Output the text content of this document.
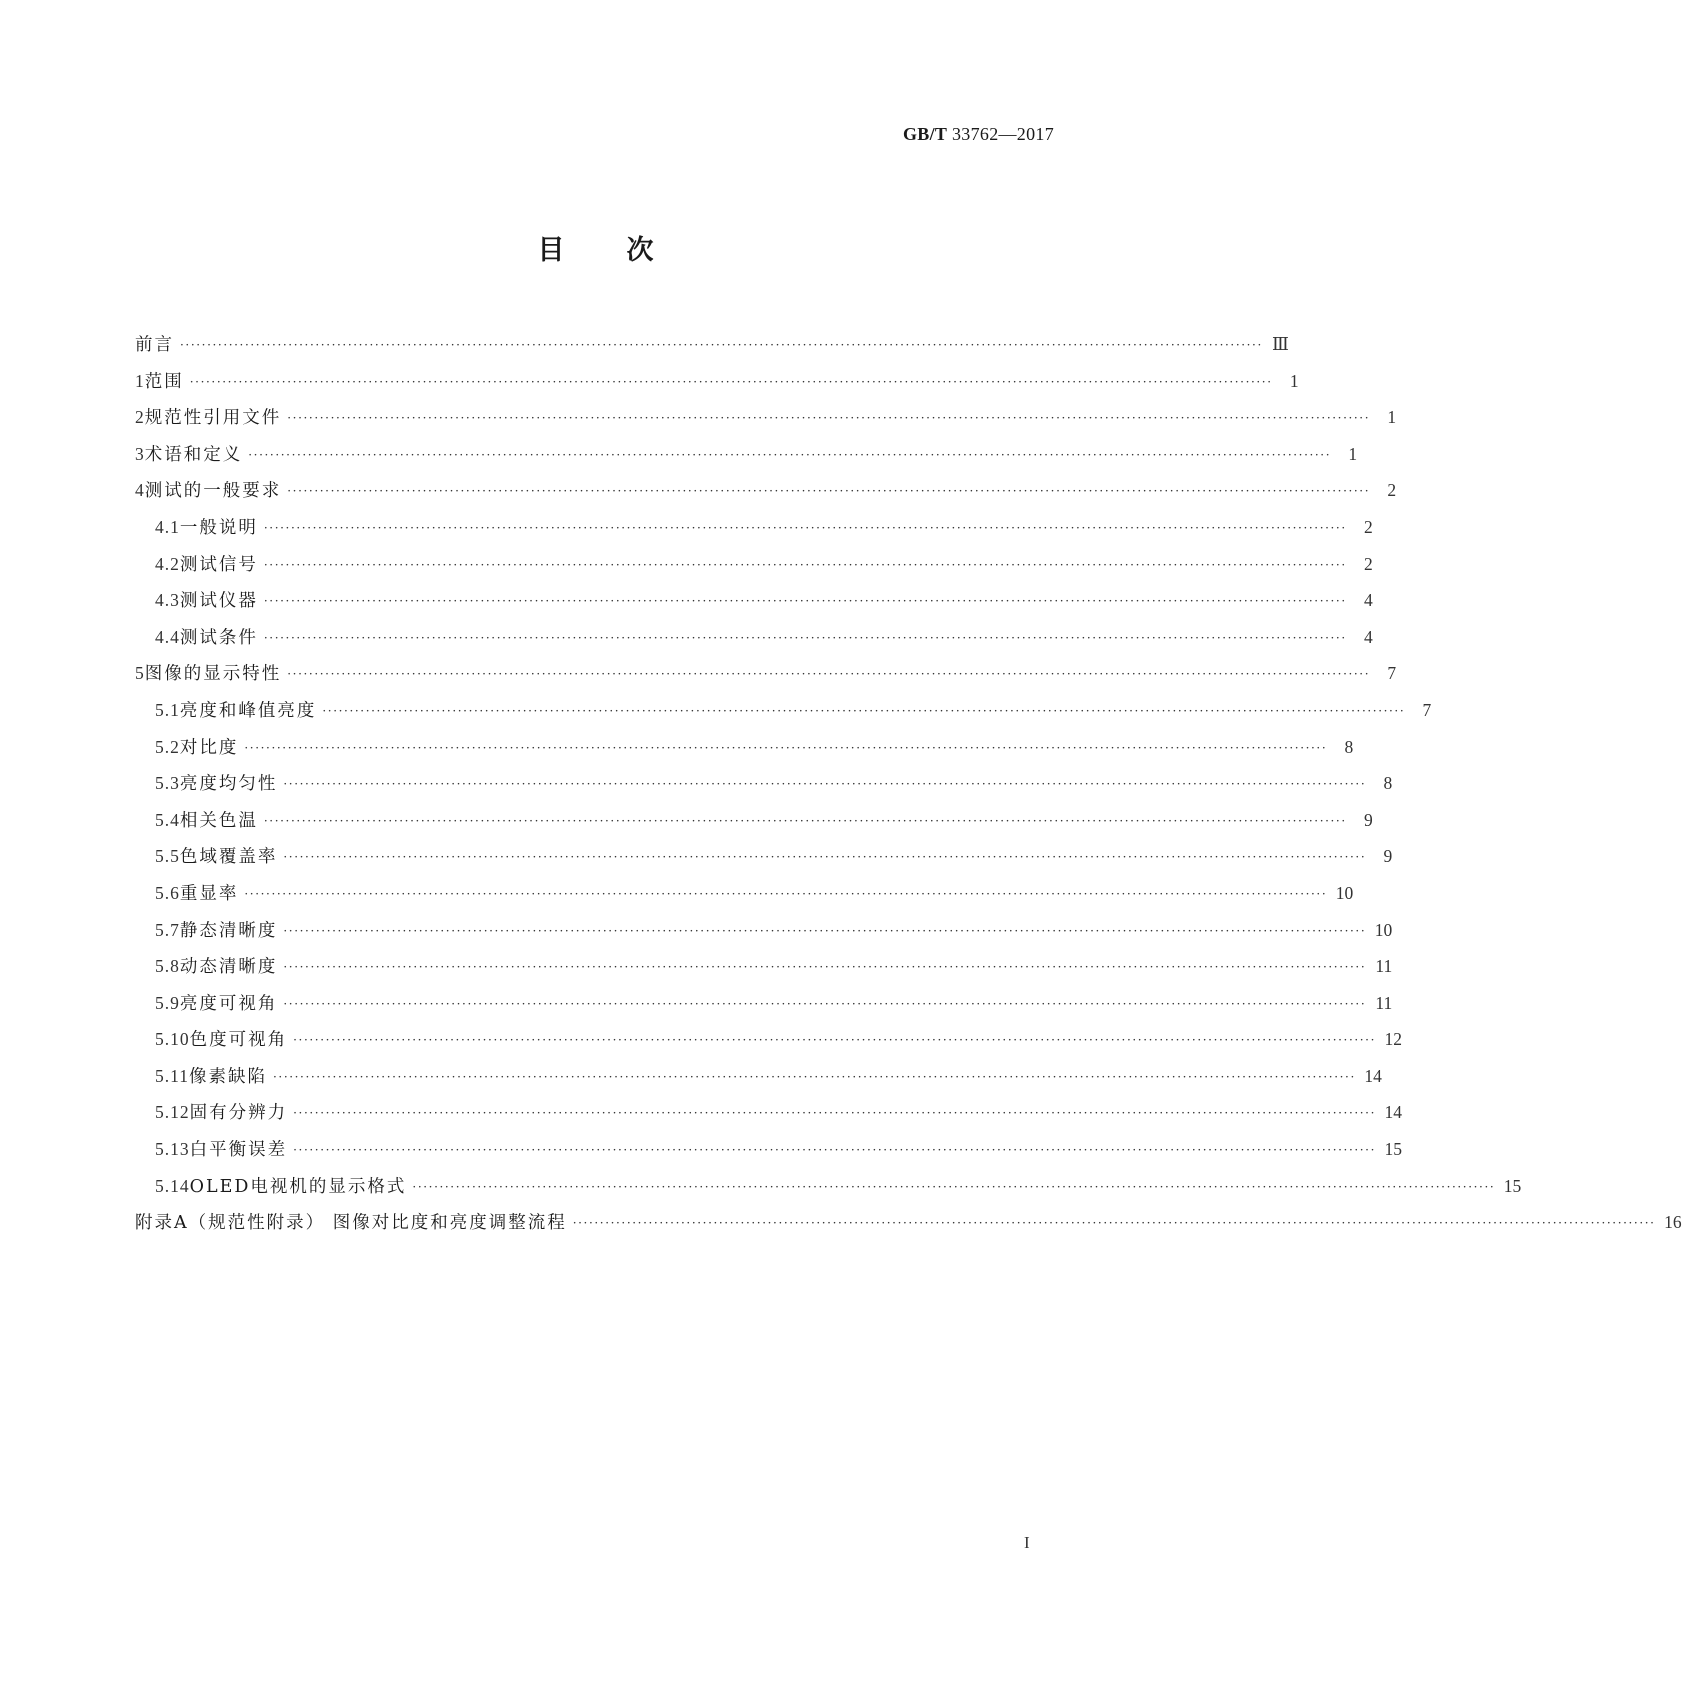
GB/T 33762—2017
目次
前言 ········································································································································································································ Ⅲ
1 范围 ········································································································································································································ 1
2 规范性引用文件 ········································································································································································································ 1
3 术语和定义 ········································································································································································································ 1
4 测试的一般要求 ········································································································································································································ 2
4.1 一般说明 ········································································································································································································ 2
4.2 测试信号 ········································································································································································································ 2
4.3 测试仪器 ········································································································································································································ 4
4.4 测试条件 ········································································································································································································ 4
5 图像的显示特性 ········································································································································································································ 7
5.1 亮度和峰值亮度 ········································································································································································································ 7
5.2 对比度 ········································································································································································································ 8
5.3 亮度均匀性 ········································································································································································································ 8
5.4 相关色温 ········································································································································································································ 9
5.5 色域覆盖率 ········································································································································································································ 9
5.6 重显率 ········································································································································································································ 10
5.7 静态清晰度 ········································································································································································································ 10
5.8 动态清晰度 ········································································································································································································ 11
5.9 亮度可视角 ········································································································································································································ 11
5.10 色度可视角 ········································································································································································································ 12
5.11 像素缺陷 ········································································································································································································ 14
5.12 固有分辨力 ········································································································································································································ 14
5.13 白平衡误差 ········································································································································································································ 15
5.14 OLED电视机的显示格式 ········································································································································································································ 15
附录A（规范性附录） 图像对比度和亮度调整流程 ········································································································································································································ 16
I
